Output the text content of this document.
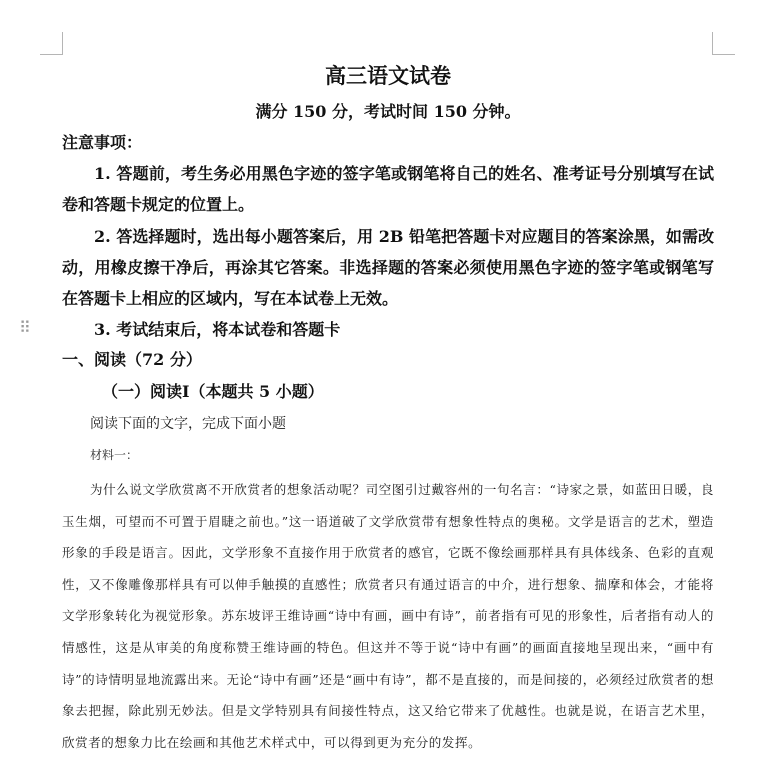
⠿
高三语文试卷
满分 150 分，考试时间 150 分钟。
注意事项：
1. 答题前，考生务必用黑色字迹的签字笔或钢笔将自己的姓名、准考证号分别填写在试卷和答题卡规定的位置上。
2. 答选择题时，选出每小题答案后，用 2B 铅笔把答题卡对应题目的答案涂黑，如需改动，用橡皮擦干净后，再涂其它答案。非选择题的答案必须使用黑色字迹的签字笔或钢笔写在答题卡上相应的区域内，写在本试卷上无效。
3. 考试结束后，将本试卷和答题卡
一、阅读（72 分）
（一）阅读Ⅰ（本题共 5 小题）
阅读下面的文字，完成下面小题
材料一：
为什么说文学欣赏离不开欣赏者的想象活动呢？司空图引过戴容州的一句名言：“诗家之景，如蓝田日暖，良玉生烟，可望而不可置于眉睫之前也。”这一语道破了文学欣赏带有想象性特点的奥秘。文学是语言的艺术，塑造形象的手段是语言。因此，文学形象不直接作用于欣赏者的感官，它既不像绘画那样具有具体线条、色彩的直观性，又不像雕像那样具有可以伸手触摸的直感性；欣赏者只有通过语言的中介，进行想象、揣摩和体会，才能将文学形象转化为视觉形象。苏东坡评王维诗画“诗中有画，画中有诗”，前者指有可见的形象性，后者指有动人的情感性，这是从审美的角度称赞王维诗画的特色。但这并不等于说“诗中有画”的画面直接地呈现出来，“画中有诗”的诗情明显地流露出来。无论“诗中有画”还是“画中有诗”，都不是直接的，而是间接的，必须经过欣赏者的想象去把握，除此别无妙法。但是文学特别具有间接性特点，这又给它带来了优越性。也就是说，在语言艺术里，欣赏者的想象力比在绘画和其他艺术样式中，可以得到更为充分的发挥。
